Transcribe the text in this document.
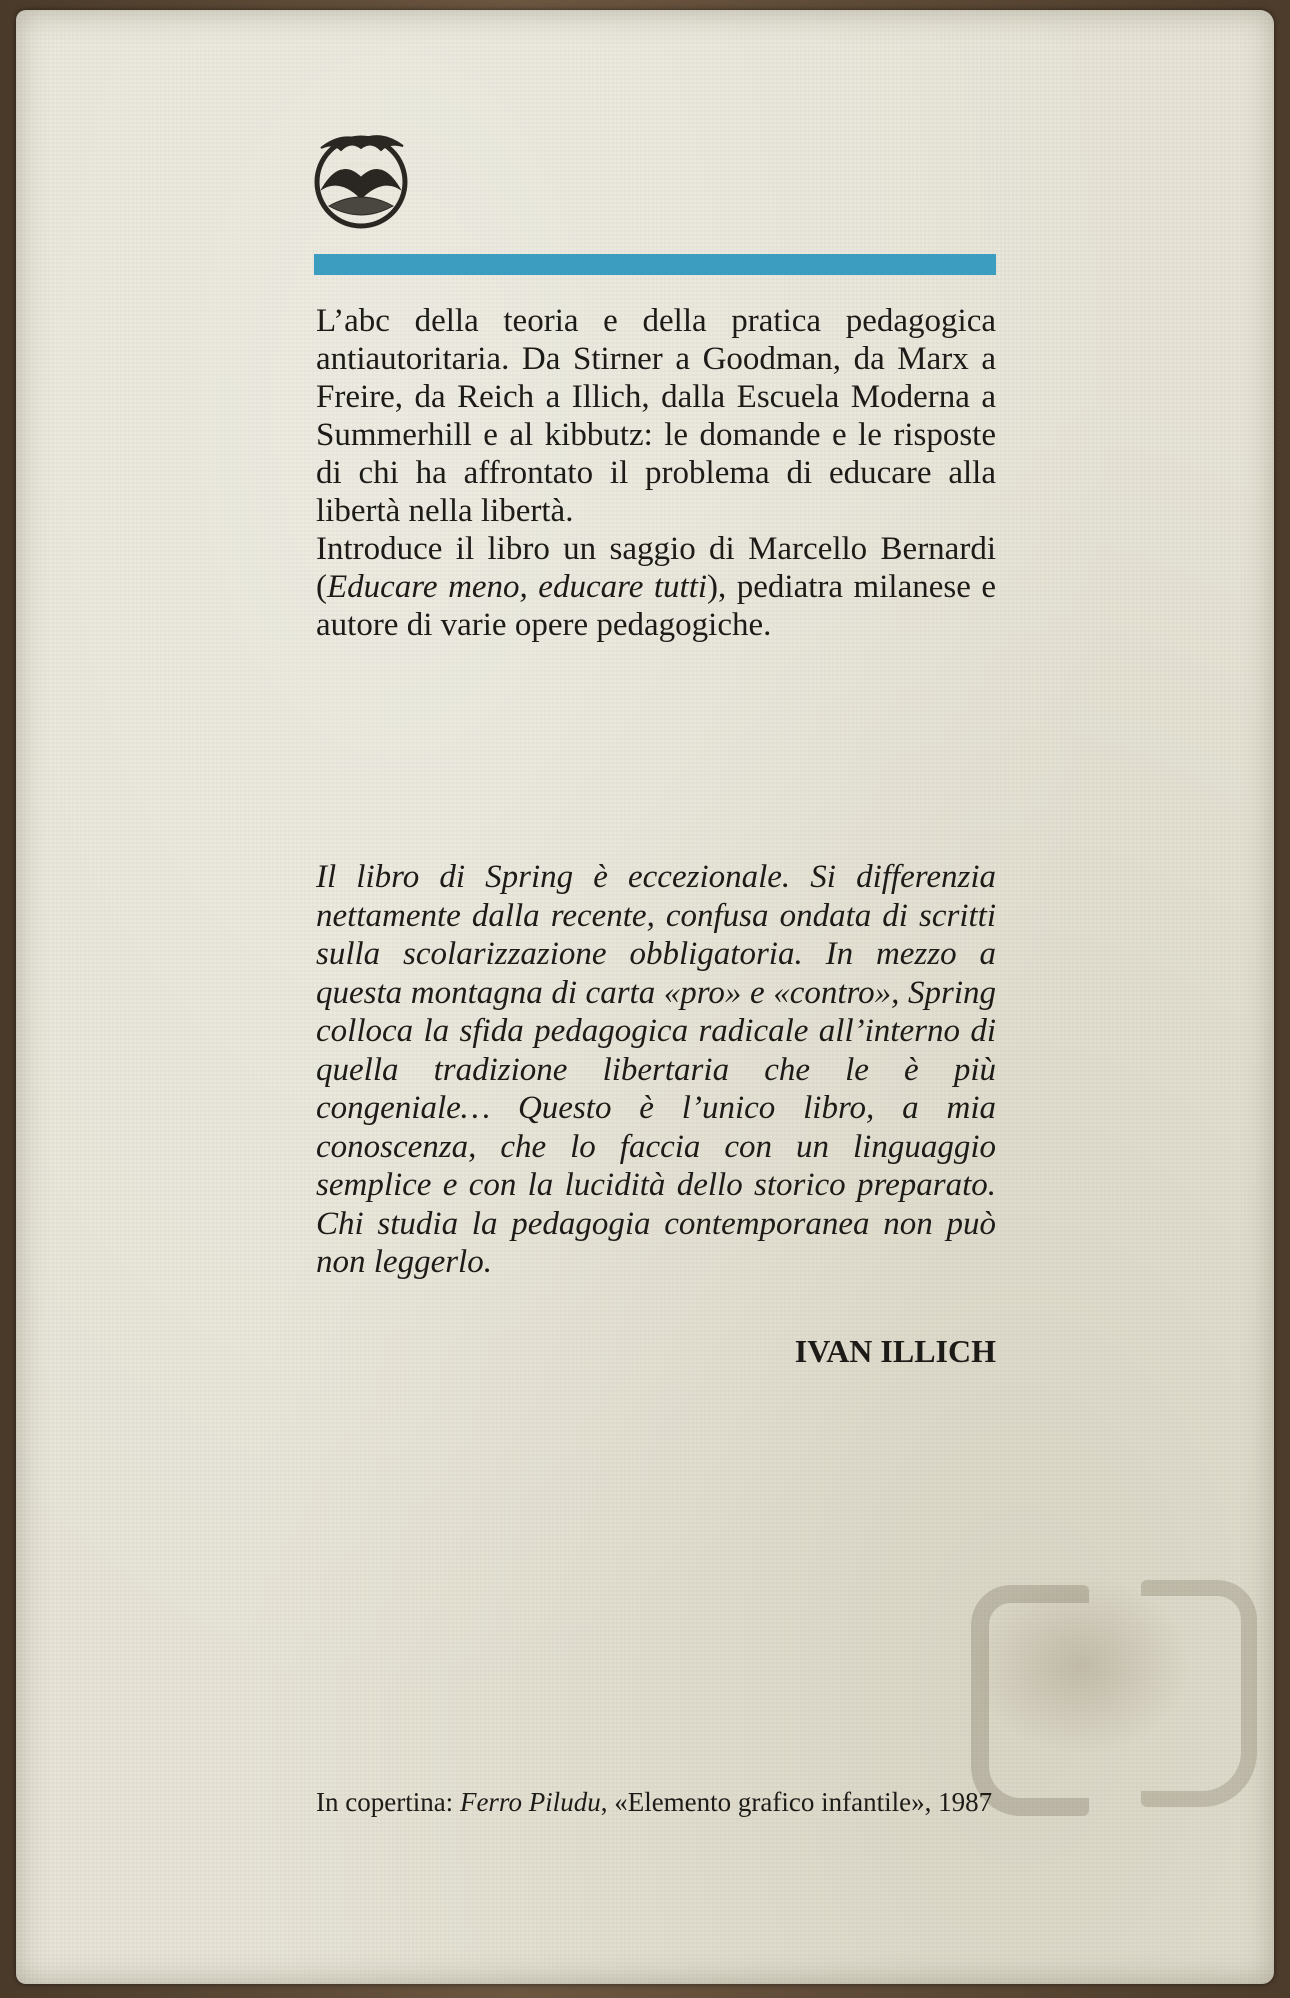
L’abc della teoria e della pratica pedagogica antiautoritaria. Da Stirner a Goodman, da Marx a Freire, da Reich a Illich, dalla Escuela Moderna a Summerhill e al kibbutz: le domande e le risposte di chi ha affrontato il problema di educare alla libertà nella libertà.

Introduce il libro un saggio di Marcello Bernardi (Educare meno, educare tutti), pediatra milanese e autore di varie opere pedagogiche.

Il libro di Spring è eccezionale. Si differenzia nettamente dalla recente, confusa ondata di scritti sulla scolarizzazione obbligatoria. In mezzo a questa montagna di carta «pro» e «contro», Spring colloca la sfida pedagogica radicale all’interno di quella tradizione libertaria che le è più congeniale… Questo è l’unico libro, a mia conoscenza, che lo faccia con un linguaggio semplice e con la lucidità dello storico preparato. Chi studia la pedagogia contemporanea non può non leggerlo.
IVAN ILLICH
In copertina: Ferro Piludu, «Elemento grafico infantile», 1987
